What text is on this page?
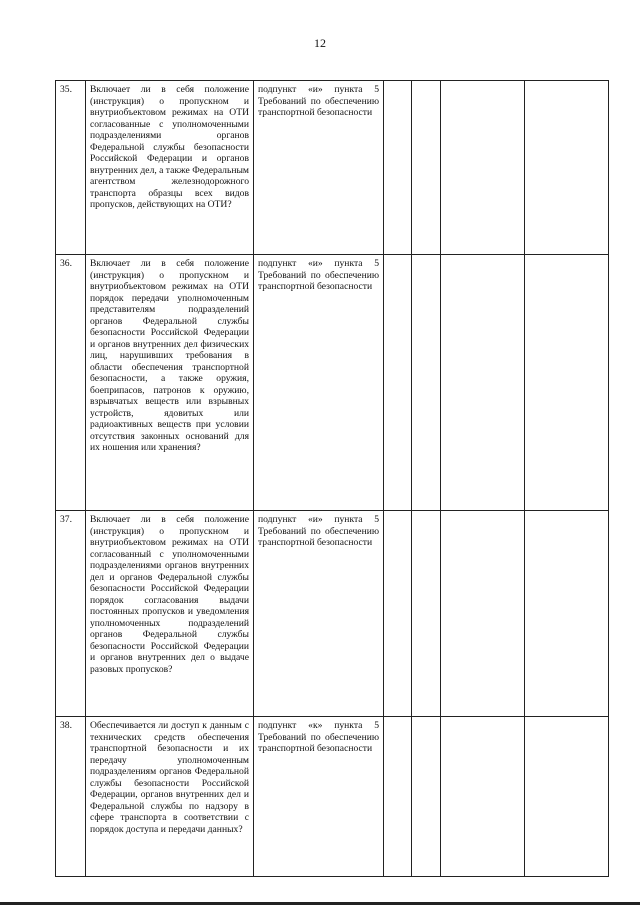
12
35.	Включает ли в себя положение (инструкция) о пропускном и внутриобъектовом режимах на ОТИ согласованные с уполномоченными подразделениями органов Федеральной службы безопасности Российской Федерации и органов внутренних дел, а также Федеральным агентством железнодорожного транспорта образцы всех видов пропусков, действующих на ОТИ?	подпункт «и» пункта 5 Требований по обеспечению транспортной безопасности				
36.	Включает ли в себя положение (инструкция) о пропускном и внутриобъектовом режимах на ОТИ порядок передачи уполномоченным представителям подразделений органов Федеральной службы безопасности Российской Федерации и органов внутренних дел физических лиц, нарушивших требования в области обеспечения транспортной безопасности, а также оружия, боеприпасов, патронов к оружию, взрывчатых веществ или взрывных устройств, ядовитых или радиоактивных веществ при условии отсутствия законных оснований для их ношения или хранения?	подпункт «и» пункта 5 Требований по обеспечению транспортной безопасности				
37.	Включает ли в себя положение (инструкция) о пропускном и внутриобъектовом режимах на ОТИ согласованный с уполномоченными подразделениями органов внутренних дел и органов Федеральной службы безопасности Российской Федерации порядок согласования выдачи постоянных пропусков и уведомления уполномоченных подразделений органов Федеральной службы безопасности Российской Федерации и органов внутренних дел о выдаче разовых пропусков?	подпункт «и» пункта 5 Требований по обеспечению транспортной безопасности				
38.	Обеспечивается ли доступ к данным с технических средств обеспечения транспортной безопасности и их передачу уполномоченным подразделениям органов Федеральной службы безопасности Российской Федерации, органов внутренних дел и Федеральной службы по надзору в сфере транспорта в соответствии с порядок доступа и передачи данных?	подпункт «к» пункта 5 Требований по обеспечению транспортной безопасности				
